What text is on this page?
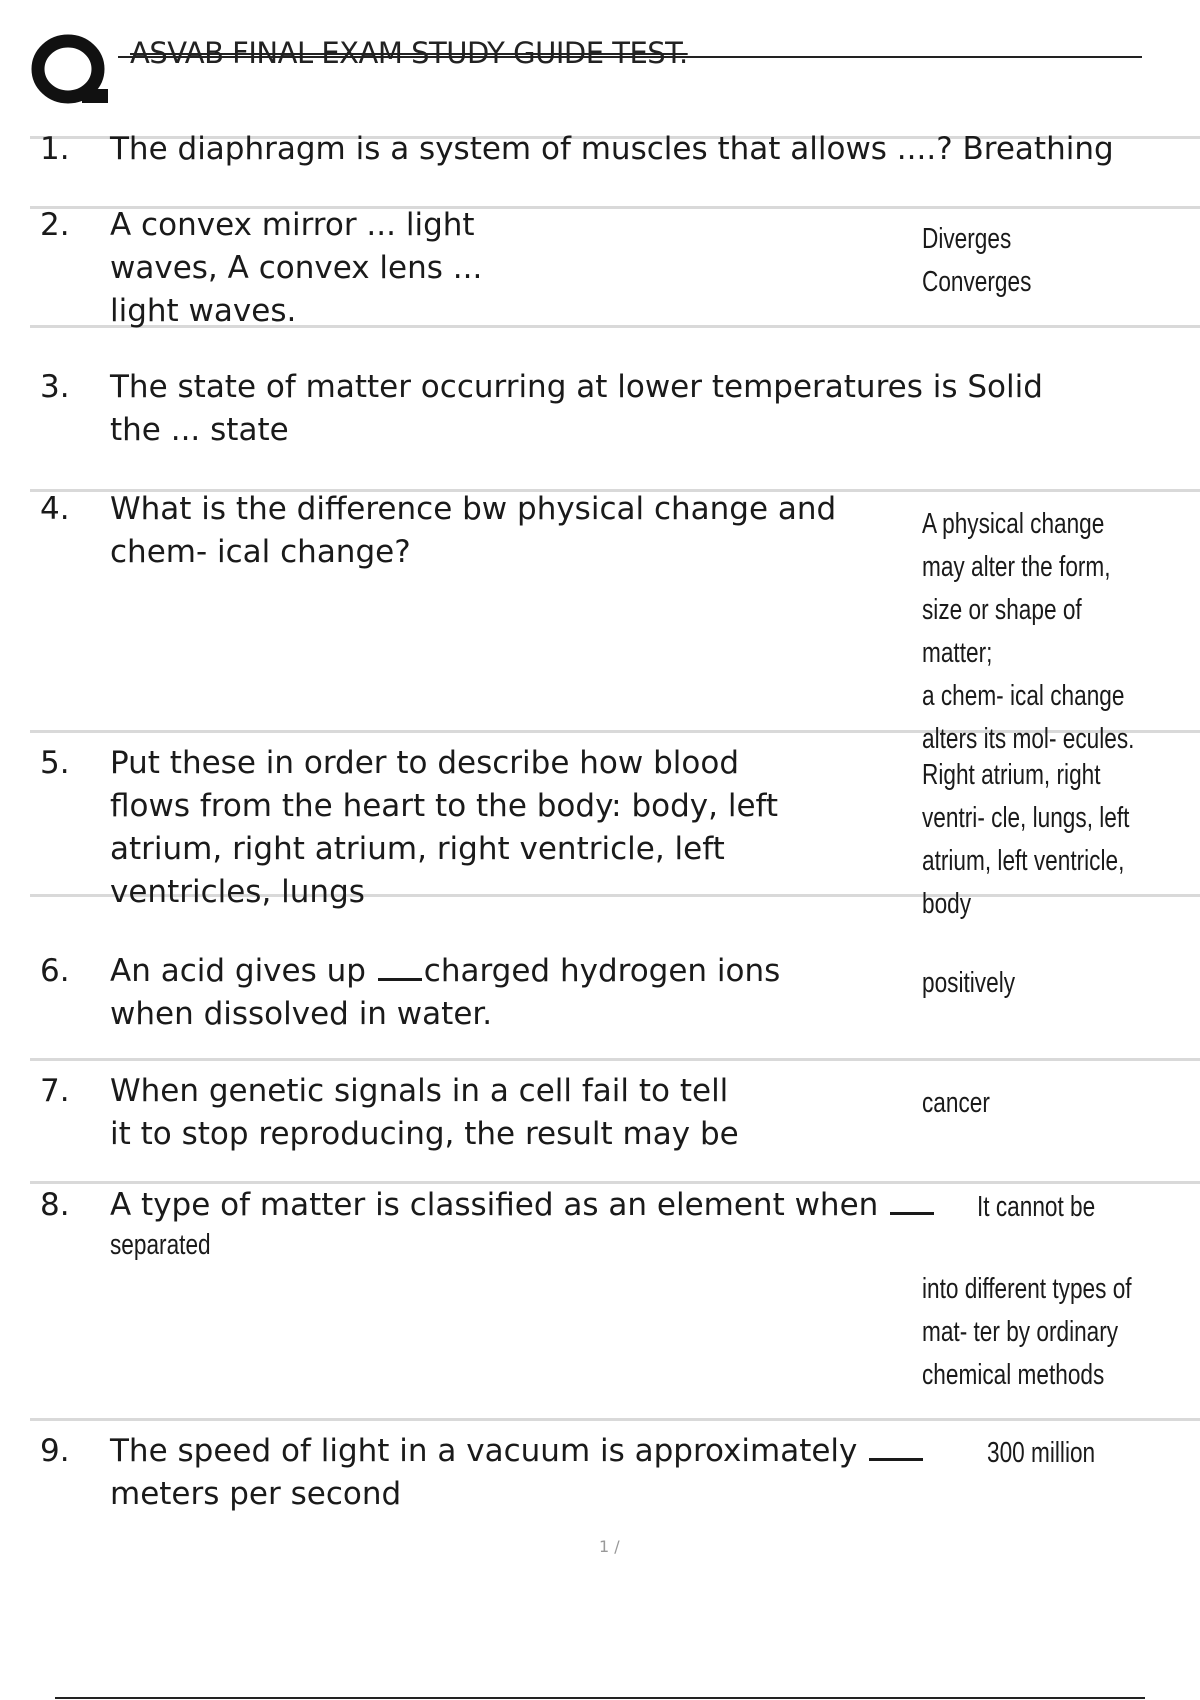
ASVAB FINAL EXAM STUDY GUIDE TEST.
1. The diaphragm is a system of muscles that allows ....? Breathing
2. A convex mirror ... light
waves, A convex lens ...
light waves.
Diverges
Converges
3. The state of matter occurring at lower temperatures is Solid
the ... state
4. What is the difference bw physical change and
chem- ical change?
A physical change
may alter the form,
size or shape of matter;
a chem- ical change
alters its mol- ecules.
5. Put these in order to describe how blood
flows from the heart to the body: body, left
atrium, right atrium, right ventricle, left
ventricles, lungs
Right atrium, right
ventri- cle, lungs, left
atrium, left ventricle,
body
6. An acid gives up charged hydrogen ions
when dissolved in water.
positively
7. When genetic signals in a cell fail to tell
it to stop reproducing, the result may be
cancer
8. A type of matter is classified as an element when	It cannot be
separated
into different types of
mat- ter by ordinary
chemical methods
9. The speed of light in a vacuum is approximately	300 million
meters per second
1 /
